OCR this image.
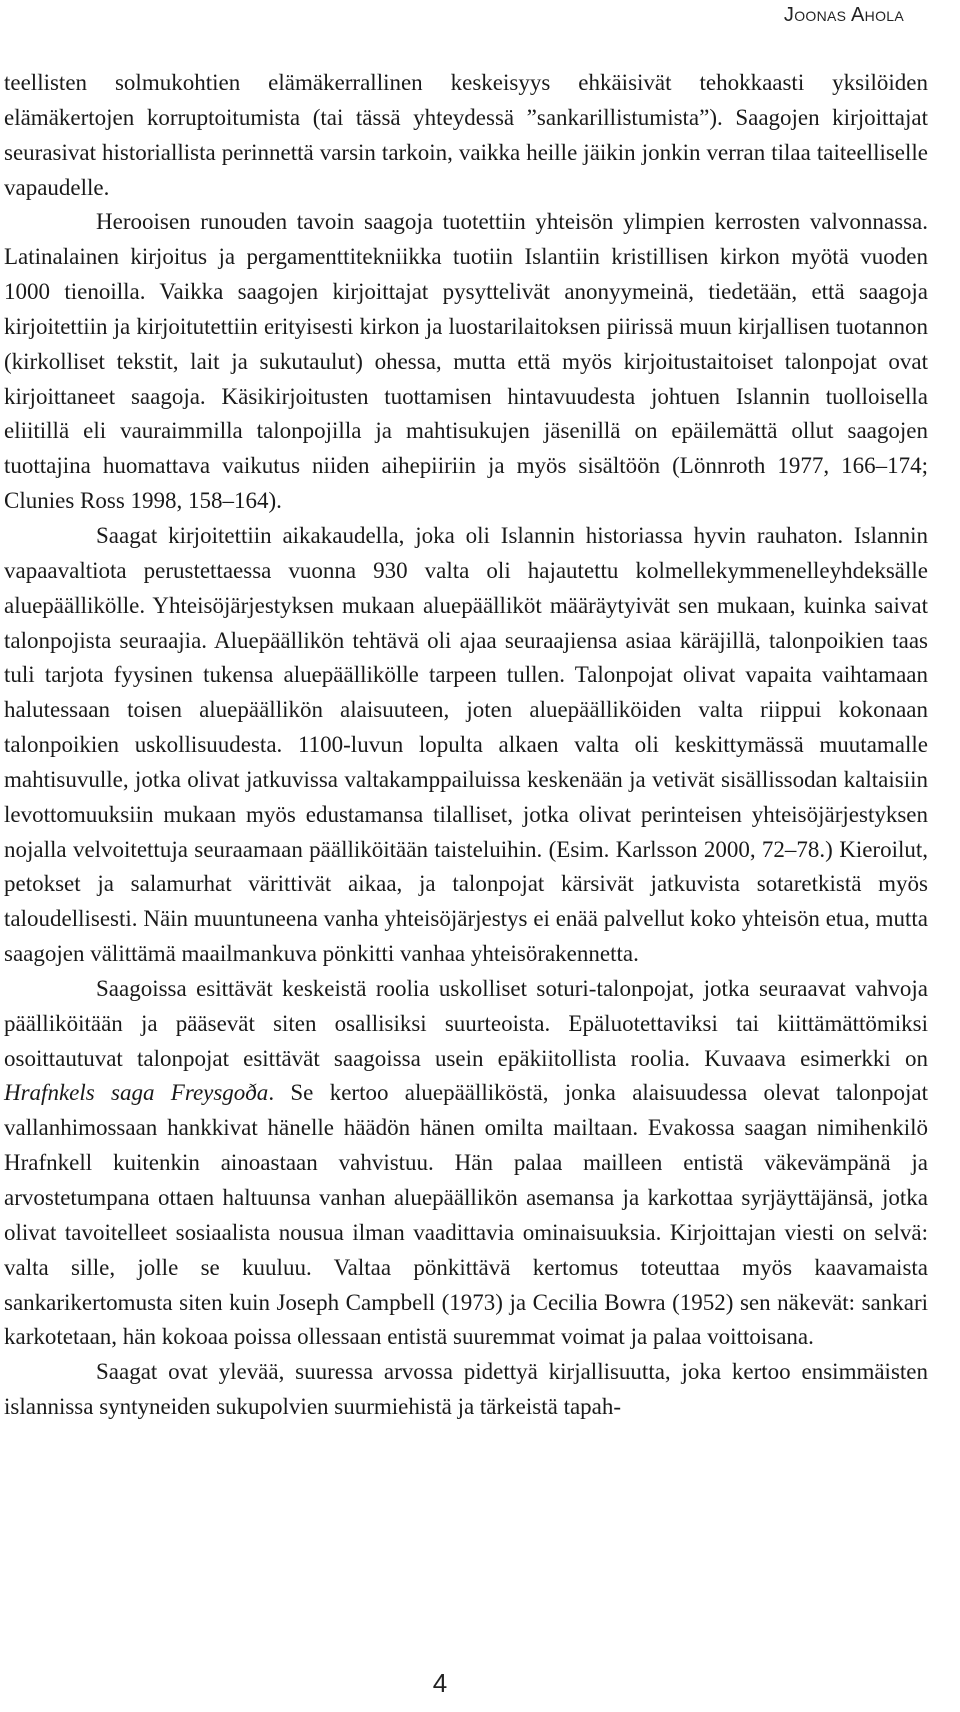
Joonas Ahola

teellisten solmukohtien elämäkerrallinen keskeisyys ehkäisivät tehokkaasti yksilöiden elämäkertojen korruptoitumista (tai tässä yhteydessä ”sankarillistumista”). Saagojen kirjoittajat seurasivat historiallista perinnettä varsin tarkoin, vaikka heille jäikin jonkin verran tilaa taiteelliselle vapaudelle.

Herooisen runouden tavoin saagoja tuotettiin yhteisön ylimpien kerrosten valvonnassa. Latinalainen kirjoitus ja pergamenttitekniikka tuotiin Islantiin kristillisen kirkon myötä vuoden 1000 tienoilla. Vaikka saagojen kirjoittajat pysyttelivät anonyymeinä, tiedetään, että saagoja kirjoitettiin ja kirjoitutettiin erityisesti kirkon ja luostarilaitoksen piirissä muun kirjallisen tuotannon (kirkolliset tekstit, lait ja sukutaulut) ohessa, mutta että myös kirjoitustaitoiset talonpojat ovat kirjoittaneet saagoja. Käsikirjoitusten tuottamisen hintavuudesta johtuen Islannin tuolloisella eliitillä eli vauraimmilla talonpojilla ja mahtisukujen jäsenillä on epäilemättä ollut saagojen tuottajina huomattava vaikutus niiden aihepiiriin ja myös sisältöön (Lönnroth 1977, 166–174; Clunies Ross 1998, 158–164).

Saagat kirjoitettiin aikakaudella, joka oli Islannin historiassa hyvin rauhaton. Islannin vapaavaltiota perustettaessa vuonna 930 valta oli hajautettu kolmellekymmenelleyhdeksälle aluepäällikölle. Yhteisöjärjestyksen mukaan aluepäälliköt määräytyivät sen mukaan, kuinka saivat talonpojista seuraajia. Aluepäällikön tehtävä oli ajaa seuraajiensa asiaa käräjillä, talonpoikien taas tuli tarjota fyysinen tukensa aluepäällikölle tarpeen tullen. Talonpojat olivat vapaita vaihtamaan halutessaan toisen aluepäällikön alaisuuteen, joten aluepäälliköiden valta riippui kokonaan talonpoikien uskollisuudesta. 1100-luvun lopulta alkaen valta oli keskittymässä muutamalle mahtisuvulle, jotka olivat jatkuvissa valtakamppailuissa keskenään ja vetivät sisällissodan kaltaisiin levottomuuksiin mukaan myös edustamansa tilalliset, jotka olivat perinteisen yhteisöjärjestyksen nojalla velvoitettuja seuraamaan päälliköitään taisteluihin. (Esim. Karlsson 2000, 72–78.) Kieroilut, petokset ja salamurhat värittivät aikaa, ja talonpojat kärsivät jatkuvista sotaretkistä myös taloudellisesti. Näin muuntuneena vanha yhteisöjärjestys ei enää palvellut koko yhteisön etua, mutta saagojen välittämä maailmankuva pönkitti vanhaa yhteisörakennetta.

Saagoissa esittävät keskeistä roolia uskolliset soturi-talonpojat, jotka seuraavat vahvoja päälliköitään ja pääsevät siten osallisiksi suurteoista. Epäluotettaviksi tai kiittämättömiksi osoittautuvat talonpojat esittävät saagoissa usein epäkiitollista roolia. Kuvaava esimerkki on Hrafnkels saga Freysgoða. Se kertoo aluepäälliköstä, jonka alaisuudessa olevat talonpojat vallanhimossaan hankkivat hänelle häädön hänen omilta mailtaan. Evakossa saagan nimihenkilö Hrafnkell kuitenkin ainoastaan vahvistuu. Hän palaa mailleen entistä väkevämpänä ja arvostetumpana ottaen haltuunsa vanhan aluepäällikön asemansa ja karkottaa syrjäyttäjänsä, jotka olivat tavoitelleet sosiaalista nousua ilman vaadittavia ominaisuuksia. Kirjoittajan viesti on selvä: valta sille, jolle se kuuluu. Valtaa pönkittävä kertomus toteuttaa myös kaavamaista sankarikertomusta siten kuin Joseph Campbell (1973) ja Cecilia Bowra (1952) sen näkevät: sankari karkotetaan, hän kokoaa poissa ollessaan entistä suuremmat voimat ja palaa voittoisana.

Saagat ovat ylevää, suuressa arvossa pidettyä kirjallisuutta, joka kertoo ensimmäisten islannissa syntyneiden sukupolvien suurmiehistä ja tärkeistä tapah-

4
